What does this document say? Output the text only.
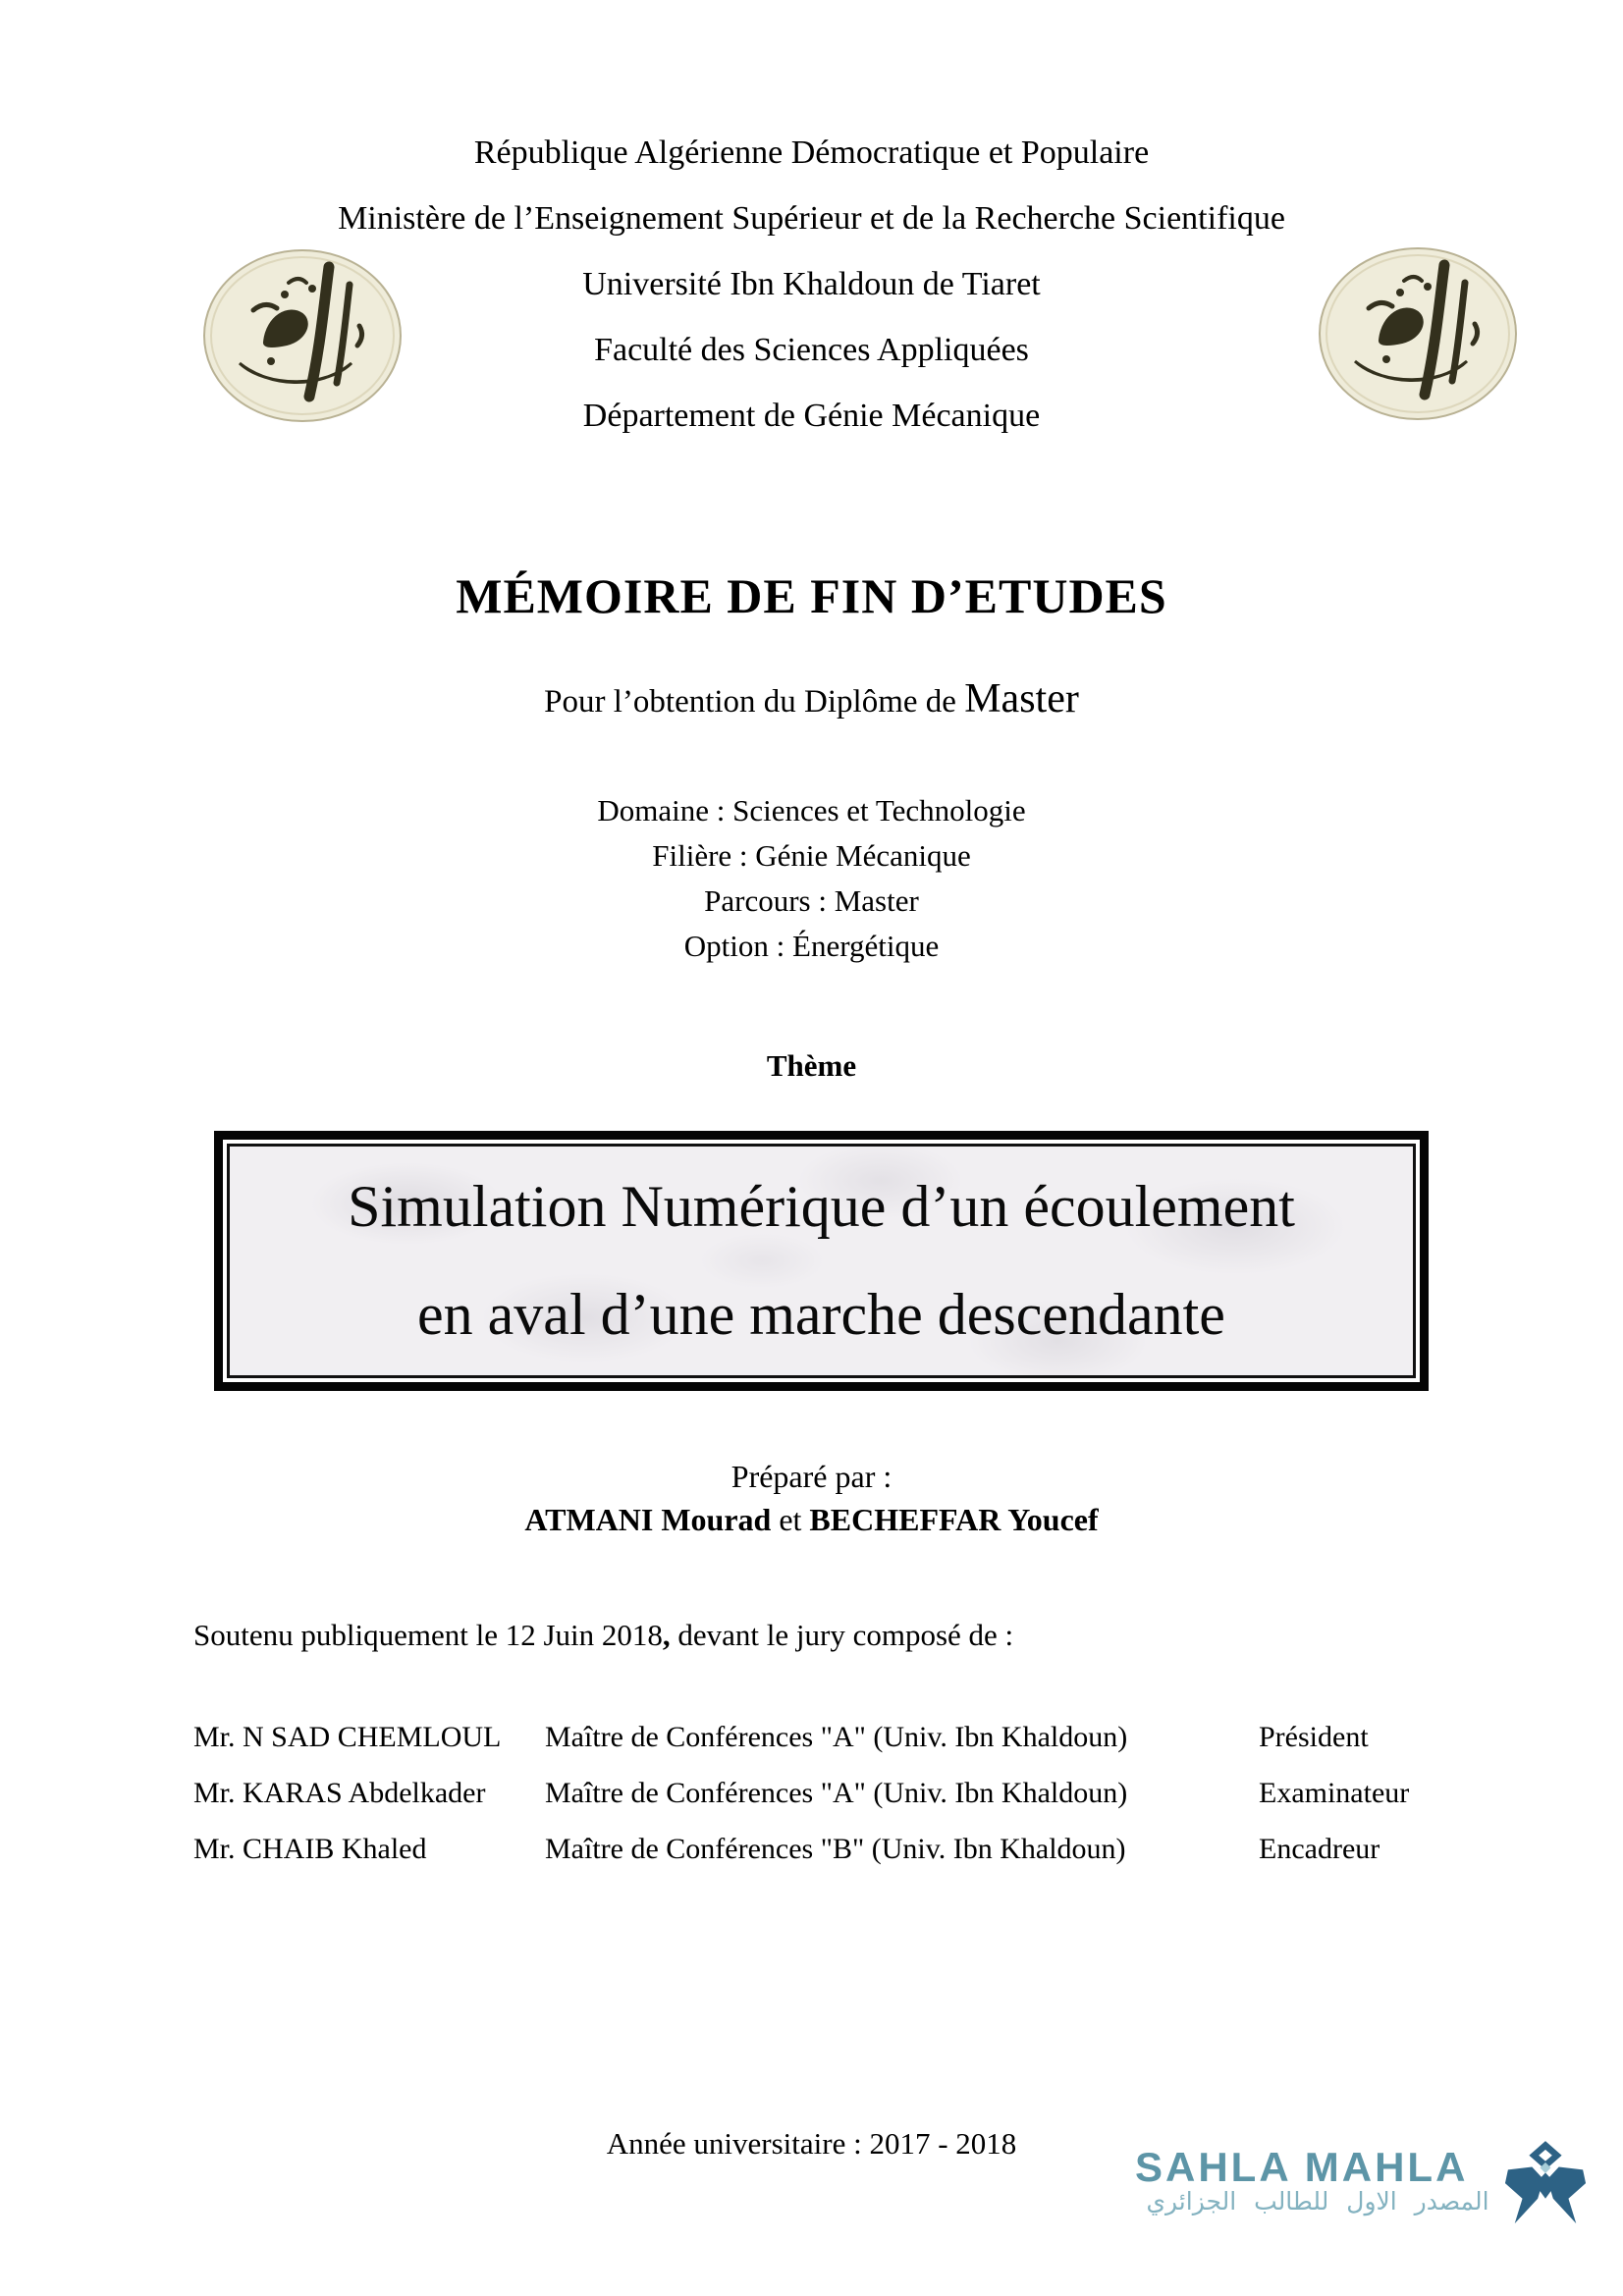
République Algérienne Démocratique et Populaire
Ministère de l’Enseignement Supérieur et de la Recherche Scientifique
Université Ibn Khaldoun de Tiaret
Faculté des Sciences Appliquées
Département de Génie Mécanique
MÉMOIRE DE FIN D’ETUDES
Pour l’obtention du Diplôme de Master
Domaine : Sciences et Technologie
Filière : Génie Mécanique
Parcours : Master
Option : Énergétique
Thème
Simulation Numérique d’un écoulement
en aval d’une marche descendante
Préparé par :
ATMANI Mourad et BECHEFFAR Youcef
Soutenu publiquement le 12 Juin 2018, devant le jury composé de :
Mr. N SAD CHEMLOUL	Maître de Conférences "A" (Univ. Ibn Khaldoun)	Président
Mr. KARAS Abdelkader	Maître de Conférences "A" (Univ. Ibn Khaldoun)	Examinateur
Mr. CHAIB Khaled	Maître de Conférences "B" (Univ. Ibn Khaldoun)	Encadreur
Année universitaire : 2017 - 2018
SAHLA MAHLA
المصدر الاول للطالب الجزائري
